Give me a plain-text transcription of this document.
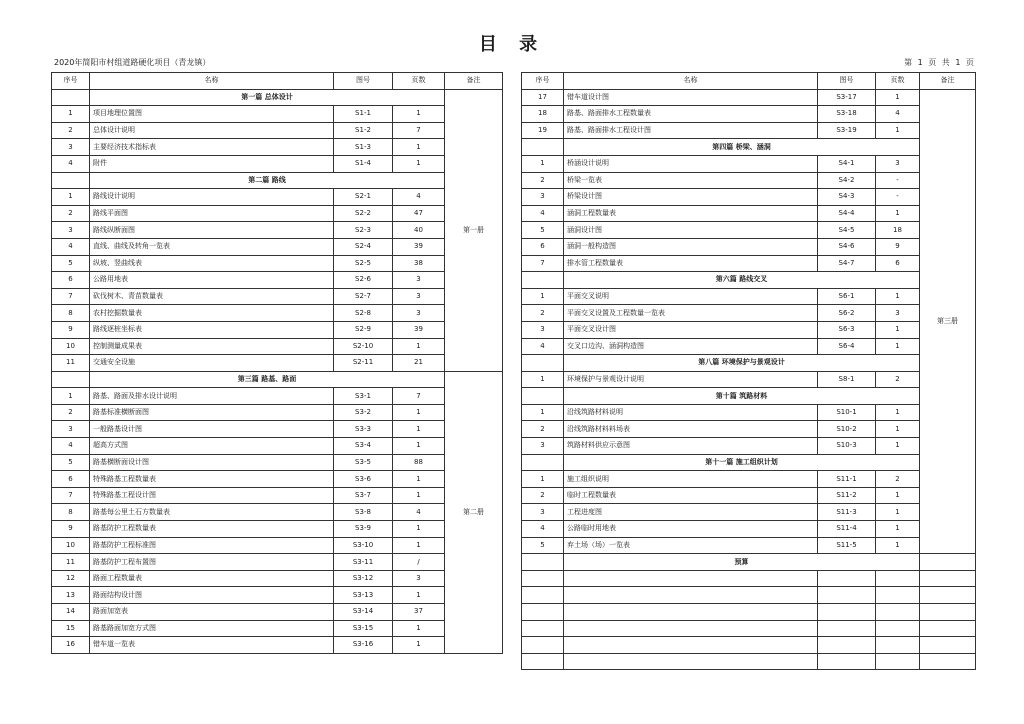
目 录
2020年简阳市村组道路硬化项目（青龙镇）	第 1 页 共 1 页
序号	名称	图号	页数	备注
	第一篇 总体设计			第一册
1	项目地理位置图	S1-1	1	
2	总体设计说明	S1-2	7	
3	主要经济技术指标表	S1-3	1	
4	附件	S1-4	1	
	第二篇 路线			
1	路线设计说明	S2-1	4	
2	路线平面图	S2-2	47	
3	路线纵断面图	S2-3	40	
4	直线、曲线及转角一览表	S2-4	39	
5	纵坡、竖曲线表	S2-5	38	
6	公路用地表	S2-6	3	
7	砍伐树木、青苗数量表	S2-7	3	
8	农村挖掘数量表	S2-8	3	
9	路线逐桩坐标表	S2-9	39	
10	控制测量成果表	S2-10	1	
11	交通安全设施	S2-11	21	
	第三篇 路基、路面			第二册
1	路基、路面及排水设计说明	S3-1	7	
2	路基标准横断面图	S3-2	1	
3	一般路基设计图	S3-3	1	
4	超高方式图	S3-4	1	
5	路基横断面设计图	S3-5	88	
6	特殊路基工程数量表	S3-6	1	
7	特殊路基工程设计图	S3-7	1	
8	路基每公里土石方数量表	S3-8	4	
9	路基防护工程数量表	S3-9	1	
10	路基防护工程标准图	S3-10	1	
11	路基防护工程布置图	S3-11	/	
12	路面工程数量表	S3-12	3	
13	路面结构设计图	S3-13	1	
14	路面加宽表	S3-14	37	
15	路基路面加宽方式图	S3-15	1	
16	错车道一览表	S3-16	1	
序号	名称	图号	页数	备注
17	错车道设计图	S3-17	1	第三册
18	路基、路面排水工程数量表	S3-18	4	
19	路基、路面排水工程设计图	S3-19	1	
	第四篇 桥梁、涵洞			
1	桥涵设计说明	S4-1	3	
2	桥梁一览表	S4-2	-	
3	桥梁设计图	S4-3	-	
4	涵洞工程数量表	S4-4	1	
5	涵洞设计图	S4-5	18	
6	涵洞一般构造图	S4-6	9	
7	排水管工程数量表	S4-7	6	
	第六篇 路线交叉			
1	平面交叉说明	S6-1	1	
2	平面交叉设置及工程数量一览表	S6-2	3	
3	平面交叉设计图	S6-3	1	
4	交叉口边沟、涵洞构造图	S6-4	1	
	第八篇 环境保护与景观设计			
1	环境保护与景观设计说明	S8-1	2	
	第十篇 筑路材料			
1	沿线筑路材料说明	S10-1	1	
2	沿线筑路材料料场表	S10-2	1	
3	筑路材料供应示意图	S10-3	1	
	第十一篇 施工组织计划			
1	施工组织说明	S11-1	2	
2	临时工程数量表	S11-2	1	
3	工程进度图	S11-3	1	
4	公路临时用地表	S11-4	1	
5	弃土场（场）一览表	S11-5	1	
	预算			
